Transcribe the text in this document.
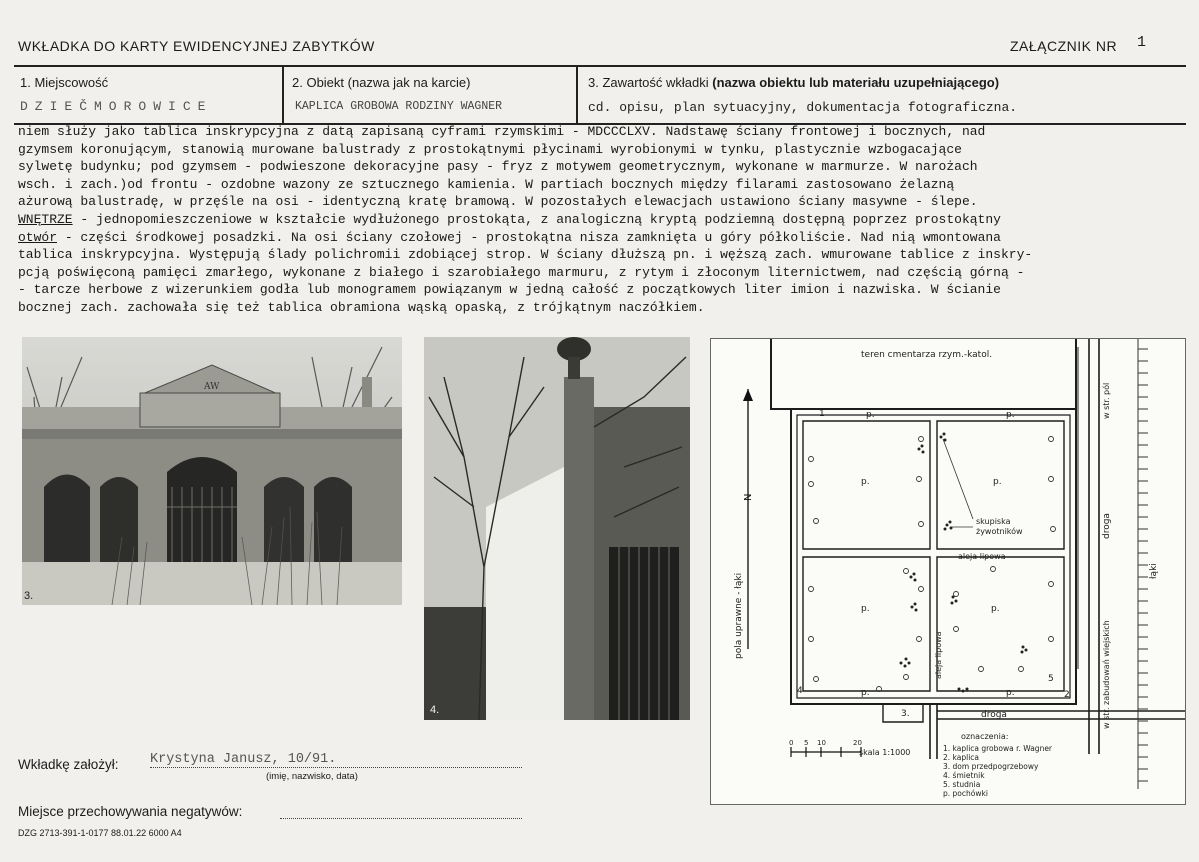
WKŁADKA DO KARTY EWIDENCYJNEJ ZABYTKÓW	ZAŁĄCZNIK NR 1
1. Miejscowość
DZIEČMOROWICE
2. Obiekt (nazwa jak na karcie)
KAPLICA GROBOWA RODZINY WAGNER
3. Zawartość wkładki (nazwa obiektu lub materiału uzupełniającego)
cd. opisu, plan sytuacyjny, dokumentacja fotograficzna.

niem służy jako tablica inskrypcyjna z datą zapisaną cyframi rzymskimi - MDCCCLXV. Nadstawę ściany frontowej i bocznych, nad

gzymsem koronującym, stanowią murowane balustrady z prostokątnymi płycinami wyrobionymi w tynku, plastycznie wzbogacające

sylwetę budynku; pod gzymsem - podwieszone dekoracyjne pasy - fryz z motywem geometrycznym, wykonane w marmurze. W narożach

wsch. i zach.)od frontu - ozdobne wazony ze sztucznego kamienia. W partiach bocznych między filarami zastosowano żelazną

ażurową balustradę, w przęśle na osi - identyczną kratę bramową. W pozostałych elewacjach ustawiono ściany masywne - ślepe.

WNĘTRZE - jednopomieszczeniowe w kształcie wydłużonego prostokąta, z analogiczną kryptą podziemną dostępną poprzez prostokątny

otwór - części środkowej posadzki. Na osi ściany czołowej - prostokątna nisza zamknięta u góry półkoliście. Nad nią wmontowana

tablica inskrypcyjna. Występują ślady polichromii zdobiącej strop. W ściany dłuższą pn. i węższą zach. wmurowane tablice z inskry-

pcją poświęconą pamięci zmarłego, wykonane z białego i szarobiałego marmuru, z rytym i złoconym liternictwem, nad częścią górną -

- tarcze herbowe z wizerunkiem godła lub monogramem powiązanym w jedną całość z początkowych liter imion i nazwiska. W ścianie

bocznej zach. zachowała się też tablica obramiona wąską opaską, z trójkątnym naczółkiem.

AW
3.
4.
N
teren cmentarza rzym.-katol.
pola uprawne - łąki
w str. pól
droga
w str. zabudowań wiejskich
łąki
aleja lipowa
aleja lipowa
droga
skupiska
żywotników
p.	p.
p.	p.
p.	p.
p.	p.
1
2
3.
4
5
0 5 10	20
skala 1:1000
oznaczenia:
1. kaplica grobowa r. Wagner
2. kaplica
3. dom przedpogrzebowy
4. śmietnik
5. studnia
p. pochówki
Wkładkę założył: Krystyna Janusz, 10/91.
(imię, nazwisko, data)
Miejsce przechowywania negatywów:
DZG 2713-391-1-0177 88.01.22 6000 A4
